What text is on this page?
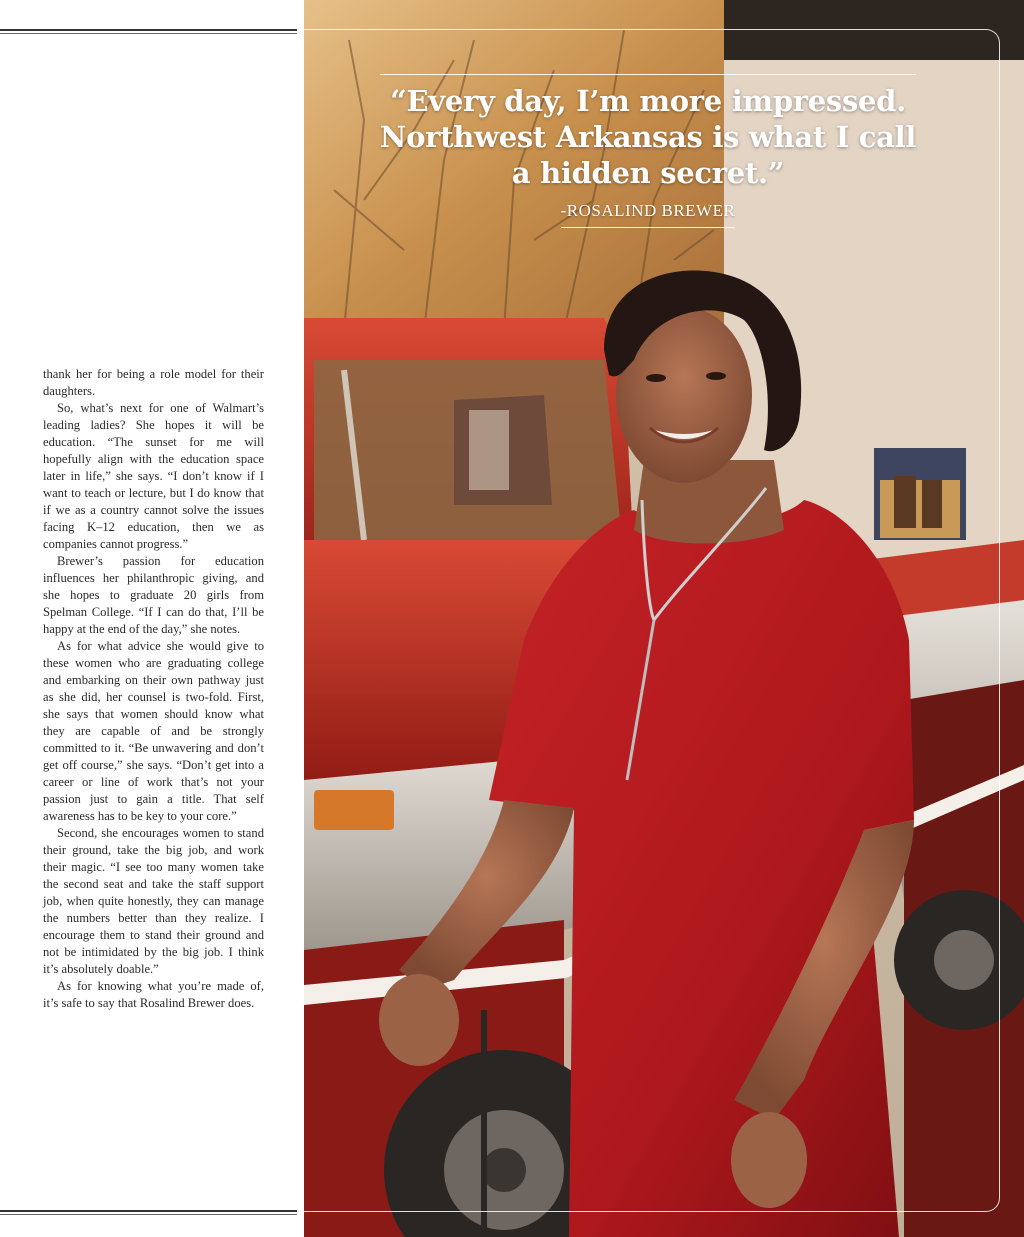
thank her for being a role model for their daughters.

So, what’s next for one of Walmart’s leading ladies? She hopes it will be education. “The sunset for me will hopefully align with the education space later in life,” she says. “I don’t know if I want to teach or lecture, but I do know that if we as a country cannot solve the issues facing K–12 education, then we as companies cannot progress.”

Brewer’s passion for education influences her philanthropic giving, and she hopes to graduate 20 girls from Spelman College. “If I can do that, I’ll be happy at the end of the day,” she notes.

As for what advice she would give to these women who are graduating college and embarking on their own pathway just as she did, her counsel is two-fold. First, she says that women should know what they are capable of and be strongly committed to it. “Be unwavering and don’t get off course,” she says. “Don’t get into a career or line of work that’s not your passion just to gain a title. That self awareness has to be key to your core.”

Second, she encourages women to stand their ground, take the big job, and work their magic. “I see too many women take the second seat and take the staff support job, when quite honestly, they can manage the numbers better than they realize. I encourage them to stand their ground and not be intimidated by the big job. I think it’s absolutely doable.”

As for knowing what you’re made of, it’s safe to say that Rosalind Brewer does.

“Every day, I’m more impressed. Northwest Arkansas is what I call a hidden secret.”
-ROSALIND BREWER
